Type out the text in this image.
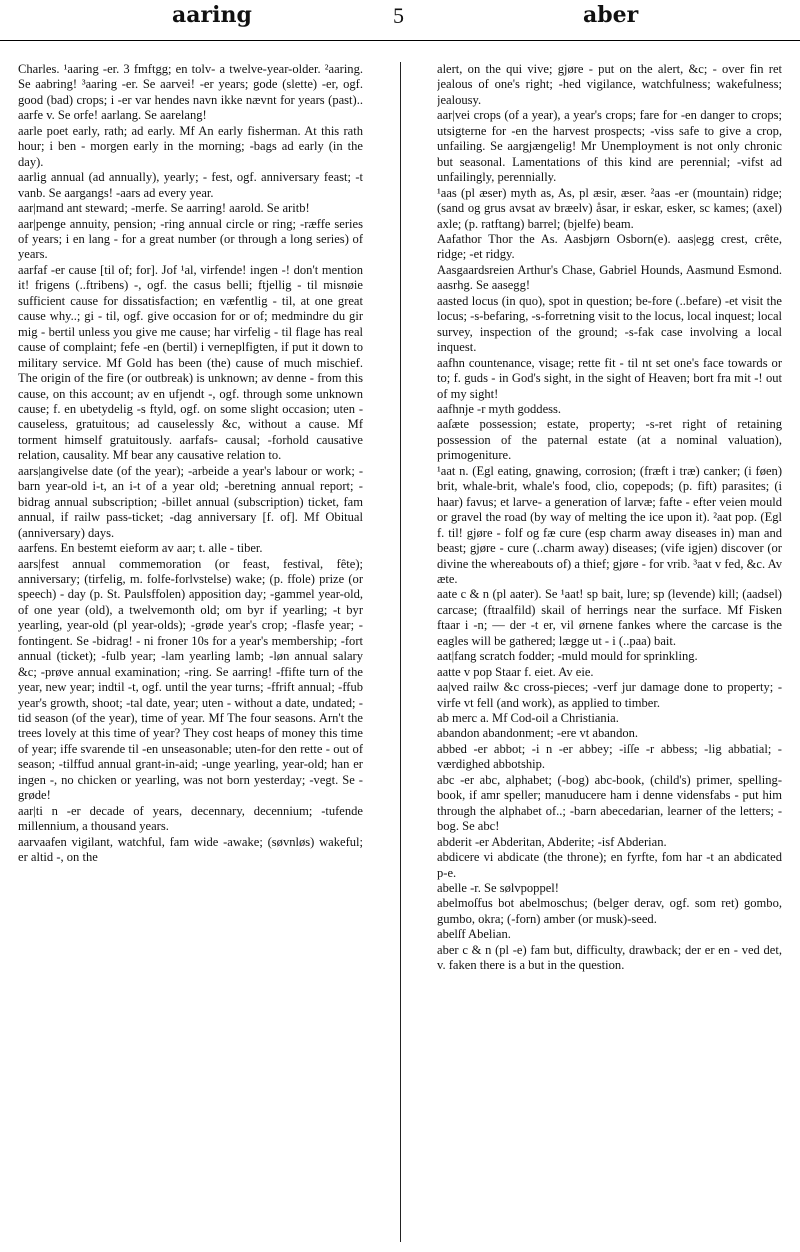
aaring	5	aber

Charles. ¹aaring -er. 3 fmftgg; en tolv- a twelve-year-older. ²aaring. Se aabring! ³aaring -er. Se aarvei! -er years; gode (slette) -er, ogf. good (bad) crops; i -er var hendes navn ikke nævnt for years (past).. aarfe v. Se orfe! aarlang. Se aarelang!

aarle poet early, rath; ad early. Mf An early fisherman. At this rath hour; i ben - morgen early in the morning; -bags ad early (in the day).

aarlig annual (ad annually), yearly; - fest, ogf. anniversary feast; -t vanb. Se aargangs! -aars ad every year.

aar|mand ant steward; -merfe. Se aarring! aarold. Se aritb!

aar|penge annuity, pension; -ring annual circle or ring; -ræffe series of years; i en lang - for a great number (or through a long series) of years.

aarfaf -er cause [til of; for]. Jof ¹al, virfende! ingen -! don't mention it! frigens (..ftribens) -, ogf. the casus belli; ftjellig - til misnøie sufficient cause for dissatisfaction; en væfentlig - til, at one great cause why..; gi - til, ogf. give occasion for or of; medmindre du gir mig - bertil unless you give me cause; har virfelig - til flage has real cause of complaint; fefe -en (bertil) i verneplfigten, if put it down to military service. Mf Gold has been (the) cause of much mischief. The origin of the fire (or outbreak) is unknown; av denne - from this cause, on this account; av en ufjendt -, ogf. through some unknown cause; f. en ubetydelig -s ftyld, ogf. on some slight occasion; uten - causeless, gratuitous; ad causelessly &c, without a cause. Mf torment himself gratuitously. aarfafs- causal; -forhold causative relation, causality. Mf bear any causative relation to.

aars|angivelse date (of the year); -arbeide a year's labour or work; -barn year-old i-t, an i-t of a year old; -beretning annual report; -bidrag annual subscription; -billet annual (subscription) ticket, fam annual, if railw pass-ticket; -dag anniversary [f. of]. Mf Obitual (anniversary) days.

aarfens. En bestemt eieform av aar; t. alle - tiber.

aars|fest annual commemoration (or feast, festival, fête); anniversary; (tirfelig, m. folfe-forlvstelse) wake; (p. ffole) prize (or speech) - day (p. St. Paulsffolen) apposition day; -gammel year-old, of one year (old), a twelvemonth old; om byr if yearling; -t byr yearling, year-old (pl year-olds); -grøde year's crop; -flasfe year; -fontingent. Se -bidrag! - ni froner 10s for a year's membership; -fort annual (ticket); -fulb year; -lam yearling lamb; -løn annual salary &c; -prøve annual examination; -ring. Se aarring! -ffifte turn of the year, new year; indtil -t, ogf. until the year turns; -ffrift annual; -ffub year's growth, shoot; -tal date, year; uten - without a date, undated; -tid season (of the year), time of year. Mf The four seasons. Arn't the trees lovely at this time of year? They cost heaps of money this time of year; iffe svarende til -en unseasonable; uten-for den rette - out of season; -tilffud annual grant-in-aid; -unge yearling, year-old; han er ingen -, no chicken or yearling, was not born yesterday; -vegt. Se -grøde!

aar|ti n -er decade of years, decennary, decennium; -tufende millennium, a thousand years.

aarvaafen vigilant, watchful, fam wide -awake; (søvnløs) wakeful; er altid -, on the

alert, on the qui vive; gjøre - put on the alert, &c; - over fin ret jealous of one's right; -hed vigilance, watchfulness; wakefulness; jealousy.

aar|vei crops (of a year), a year's crops; fare for -en danger to crops; utsigterne for -en the harvest prospects; -viss safe to give a crop, unfailing. Se aargjængelig! Mr Unemployment is not only chronic but seasonal. Lamentations of this kind are perennial; -vifst ad unfailingly, perennially.

¹aas (pl æser) myth as, As, pl æsir, æser. ²aas -er (mountain) ridge; (sand og grus avsat av bræelv) åsar, ir eskar, esker, sc kames; (axel) axle; (p. ratftang) barrel; (bjelfe) beam.

Aafathor Thor the As. Aasbjørn Osborn(e). aas|egg crest, crête, ridge; -et ridgy.

Aasgaardsreien Arthur's Chase, Gabriel Hounds, Aasmund Esmond. aasrhg. Se aasegg!

aasted locus (in quo), spot in question; be-fore (..befare) -et visit the locus; -s-befaring, -s-forretning visit to the locus, local inquest; local survey, inspection of the ground; -s-fak case involving a local inquest.

aafhn countenance, visage; rette fit - til nt set one's face towards or to; f. guds - in God's sight, in the sight of Heaven; bort fra mit -! out of my sight!

aafhnje -r myth goddess.

aaſæte possession; estate, property; -s-ret right of retaining possession of the paternal estate (at a nominal valuation), primogeniture.

¹aat n. (Egl eating, gnawing, corrosion; (fræft i træ) canker; (i føen) brit, whale-brit, whale's food, clio, copepods; (p. fift) parasites; (i haar) favus; et larve- a generation of larvæ; fafte - efter veien mould or gravel the road (by way of melting the ice upon it). ²aat pop. (Egl f. til! gjøre - folf og fæ cure (esp charm away diseases in) man and beast; gjøre - cure (..charm away) diseases; (vife igjen) discover (or divine the whereabouts of) a thief; gjøre - for vrib. ³aat v fed, &c. Av æte.

aate c & n (pl aater). Se ¹aat! sp bait, lure; sp (levende) kill; (aadsel) carcase; (ftraalfild) skail of herrings near the surface. Mf Fisken ftaar i -n; — der -t er, vil ørnene fankes where the carcase is the eagles will be gathered; lægge ut - i (..paa) bait.

aat|fang scratch fodder; -muld mould for sprinkling.

aatte v pop Staar f. eiet. Av eie.

aa|ved railw &c cross-pieces; -verf jur damage done to property; -virfe vt fell (and work), as applied to timber.

ab merc a. Mf Cod-oil a Christiania.

abandon abandonment; -ere vt abandon.

abbed -er abbot; -i n -er abbey; -iſſe -r abbess; -lig abbatial; -værdighed abbotship.

abc -er abc, alphabet; (-bog) abc-book, (child's) primer, spelling-book, if amr speller; manuducere ham i denne vidensfabs - put him through the alphabet of..; -barn abecedarian, learner of the letters; -bog. Se abc!

abderit -er Abderitan, Abderite; -isf Abderian.

abdicere vi abdicate (the throne); en fyrfte, fom har -t an abdicated p-e.

abelle -r. Se sølvpoppel!

abelmoſfus bot abelmoschus; (belger derav, ogf. som ret) gombo, gumbo, okra; (-forn) amber (or musk)-seed.

abelſf Abelian.

aber c & n (pl -e) fam but, difficulty, drawback; der er en - ved det, v. faken there is a but in the question.
